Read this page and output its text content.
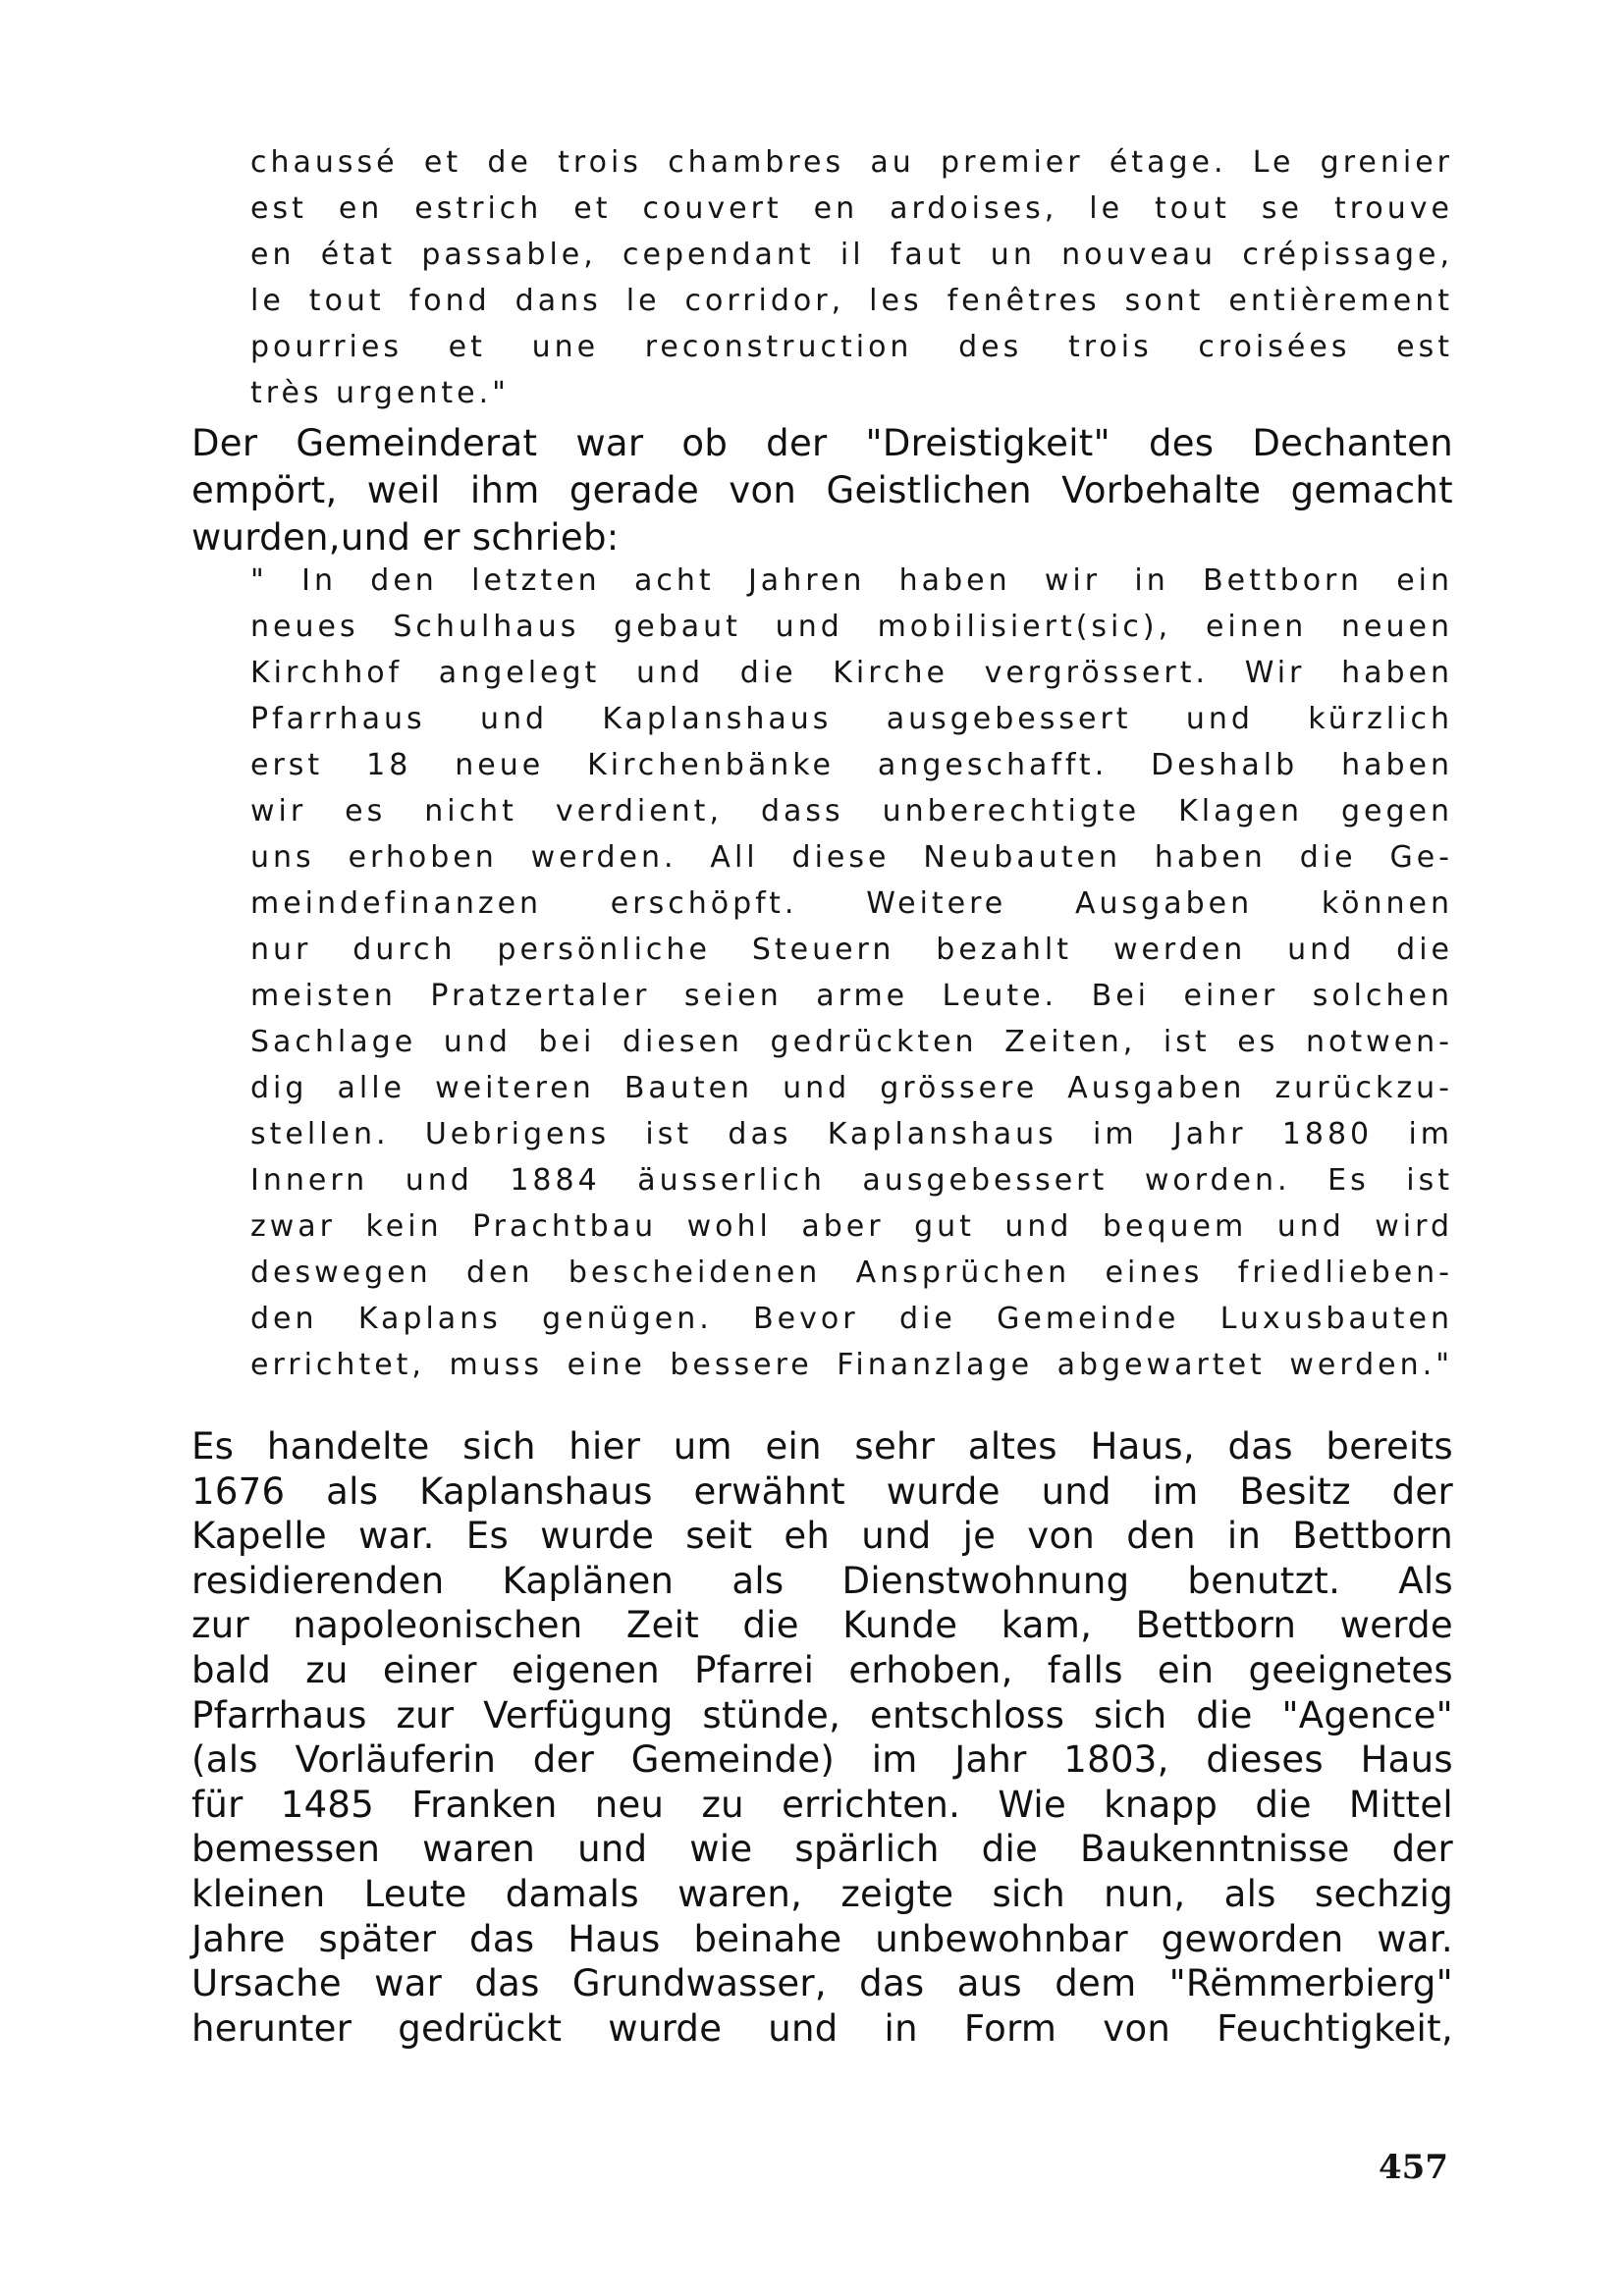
chaussé et de trois chambres au premier étage. Le grenier
est en estrich et couvert en ardoises, le tout se trouve
en état passable, cependant il faut un nouveau crépissage,
le tout fond dans le corridor, les fenêtres sont entièrement
pourries et une reconstruction des trois croisées est
très urgente."
Der Gemeinderat war ob der "Dreistigkeit" des Dechanten
empört, weil ihm gerade von Geistlichen Vorbehalte gemacht
wurden,und er schrieb:
" In den letzten acht Jahren haben wir in Bettborn ein
neues Schulhaus gebaut und mobilisiert(sic), einen neuen
Kirchhof angelegt und die Kirche vergrössert. Wir haben
Pfarrhaus und Kaplanshaus ausgebessert und kürzlich
erst 18 neue Kirchenbänke angeschafft. Deshalb haben
wir es nicht verdient, dass unberechtigte Klagen gegen
uns erhoben werden. All diese Neubauten haben die Ge-
meindefinanzen erschöpft. Weitere Ausgaben können
nur durch persönliche Steuern bezahlt werden und die
meisten Pratzertaler seien arme Leute. Bei einer solchen
Sachlage und bei diesen gedrückten Zeiten, ist es notwen-
dig alle weiteren Bauten und grössere Ausgaben zurückzu-
stellen. Uebrigens ist das Kaplanshaus im Jahr 1880 im
Innern und 1884 äusserlich ausgebessert worden. Es ist
zwar kein Prachtbau wohl aber gut und bequem und wird
deswegen den bescheidenen Ansprüchen eines friedlieben-
den Kaplans genügen. Bevor die Gemeinde Luxusbauten
errichtet, muss eine bessere Finanzlage abgewartet werden."
Es handelte sich hier um ein sehr altes Haus, das bereits
1676 als Kaplanshaus erwähnt wurde und im Besitz der
Kapelle war. Es wurde seit eh und je von den in Bettborn
residierenden Kaplänen als Dienstwohnung benutzt. Als
zur napoleonischen Zeit die Kunde kam, Bettborn werde
bald zu einer eigenen Pfarrei erhoben, falls ein geeignetes
Pfarrhaus zur Verfügung stünde, entschloss sich die "Agence"
(als Vorläuferin der Gemeinde) im Jahr 1803, dieses Haus
für 1485 Franken neu zu errichten. Wie knapp die Mittel
bemessen waren und wie spärlich die Baukenntnisse der
kleinen Leute damals waren, zeigte sich nun, als sechzig
Jahre später das Haus beinahe unbewohnbar geworden war.
Ursache war das Grundwasser, das aus dem "Rëmmerbierg"
herunter gedrückt wurde und in Form von Feuchtigkeit,
457
